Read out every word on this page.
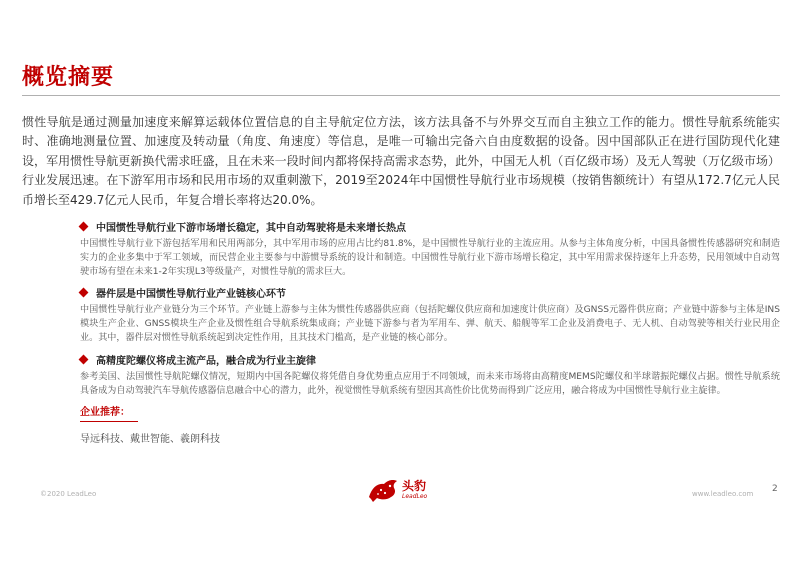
概览摘要
惯性导航是通过测量加速度来解算运载体位置信息的自主导航定位方法，该方法具备不与外界交互而自主独立工作的能力。惯性导航系统能实时、准确地测量位置、加速度及转动量（角度、角速度）等信息，是唯一可输出完备六自由度数据的设备。因中国部队正在进行国防现代化建设，军用惯性导航更新换代需求旺盛，且在未来一段时间内都将保持高需求态势，此外，中国无人机（百亿级市场）及无人驾驶（万亿级市场）行业发展迅速。在下游军用市场和民用市场的双重刺激下，2019至2024年中国惯性导航行业市场规模（按销售额统计）有望从172.7亿元人民币增长至429.7亿元人民币，年复合增长率将达20.0%。
中国惯性导航行业下游市场增长稳定，其中自动驾驶将是未来增长热点
中国惯性导航行业下游包括军用和民用两部分，其中军用市场的应用占比约81.8%，是中国惯性导航行业的主流应用。从参与主体角度分析，中国具备惯性传感器研究和制造实力的企业多集中于军工领域，而民营企业主要参与中游惯导系统的设计和制造。中国惯性导航行业下游市场增长稳定，其中军用需求保持逐年上升态势，民用领域中自动驾驶市场有望在未来1-2年实现L3等级量产，对惯性导航的需求巨大。
器件层是中国惯性导航行业产业链核心环节
中国惯性导航行业产业链分为三个环节。产业链上游参与主体为惯性传感器供应商（包括陀螺仪供应商和加速度计供应商）及GNSS元器件供应商；产业链中游参与主体是INS模块生产企业、GNSS模块生产企业及惯性组合导航系统集成商；产业链下游参与者为军用车、弹、航天、船舰等军工企业及消费电子、无人机、自动驾驶等相关行业民用企业。其中，器件层对惯性导航系统起到决定性作用，且其技术门槛高，是产业链的核心部分。
高精度陀螺仪将成主流产品，融合成为行业主旋律
参考美国、法国惯性导航陀螺仪情况，短期内中国各陀螺仪将凭借自身优势重点应用于不同领域，而未来市场将由高精度MEMS陀螺仪和半球谐振陀螺仪占据。惯性导航系统具备成为自动驾驶汽车导航传感器信息融合中心的潜力，此外，视觉惯性导航系统有望因其高性价比优势而得到广泛应用，融合将成为中国惯性导航行业主旋律。
企业推荐：
导远科技、戴世智能、羲朗科技
©2020 LeadLeo
头豹
LeadLeo	www.leadleo.com 2
